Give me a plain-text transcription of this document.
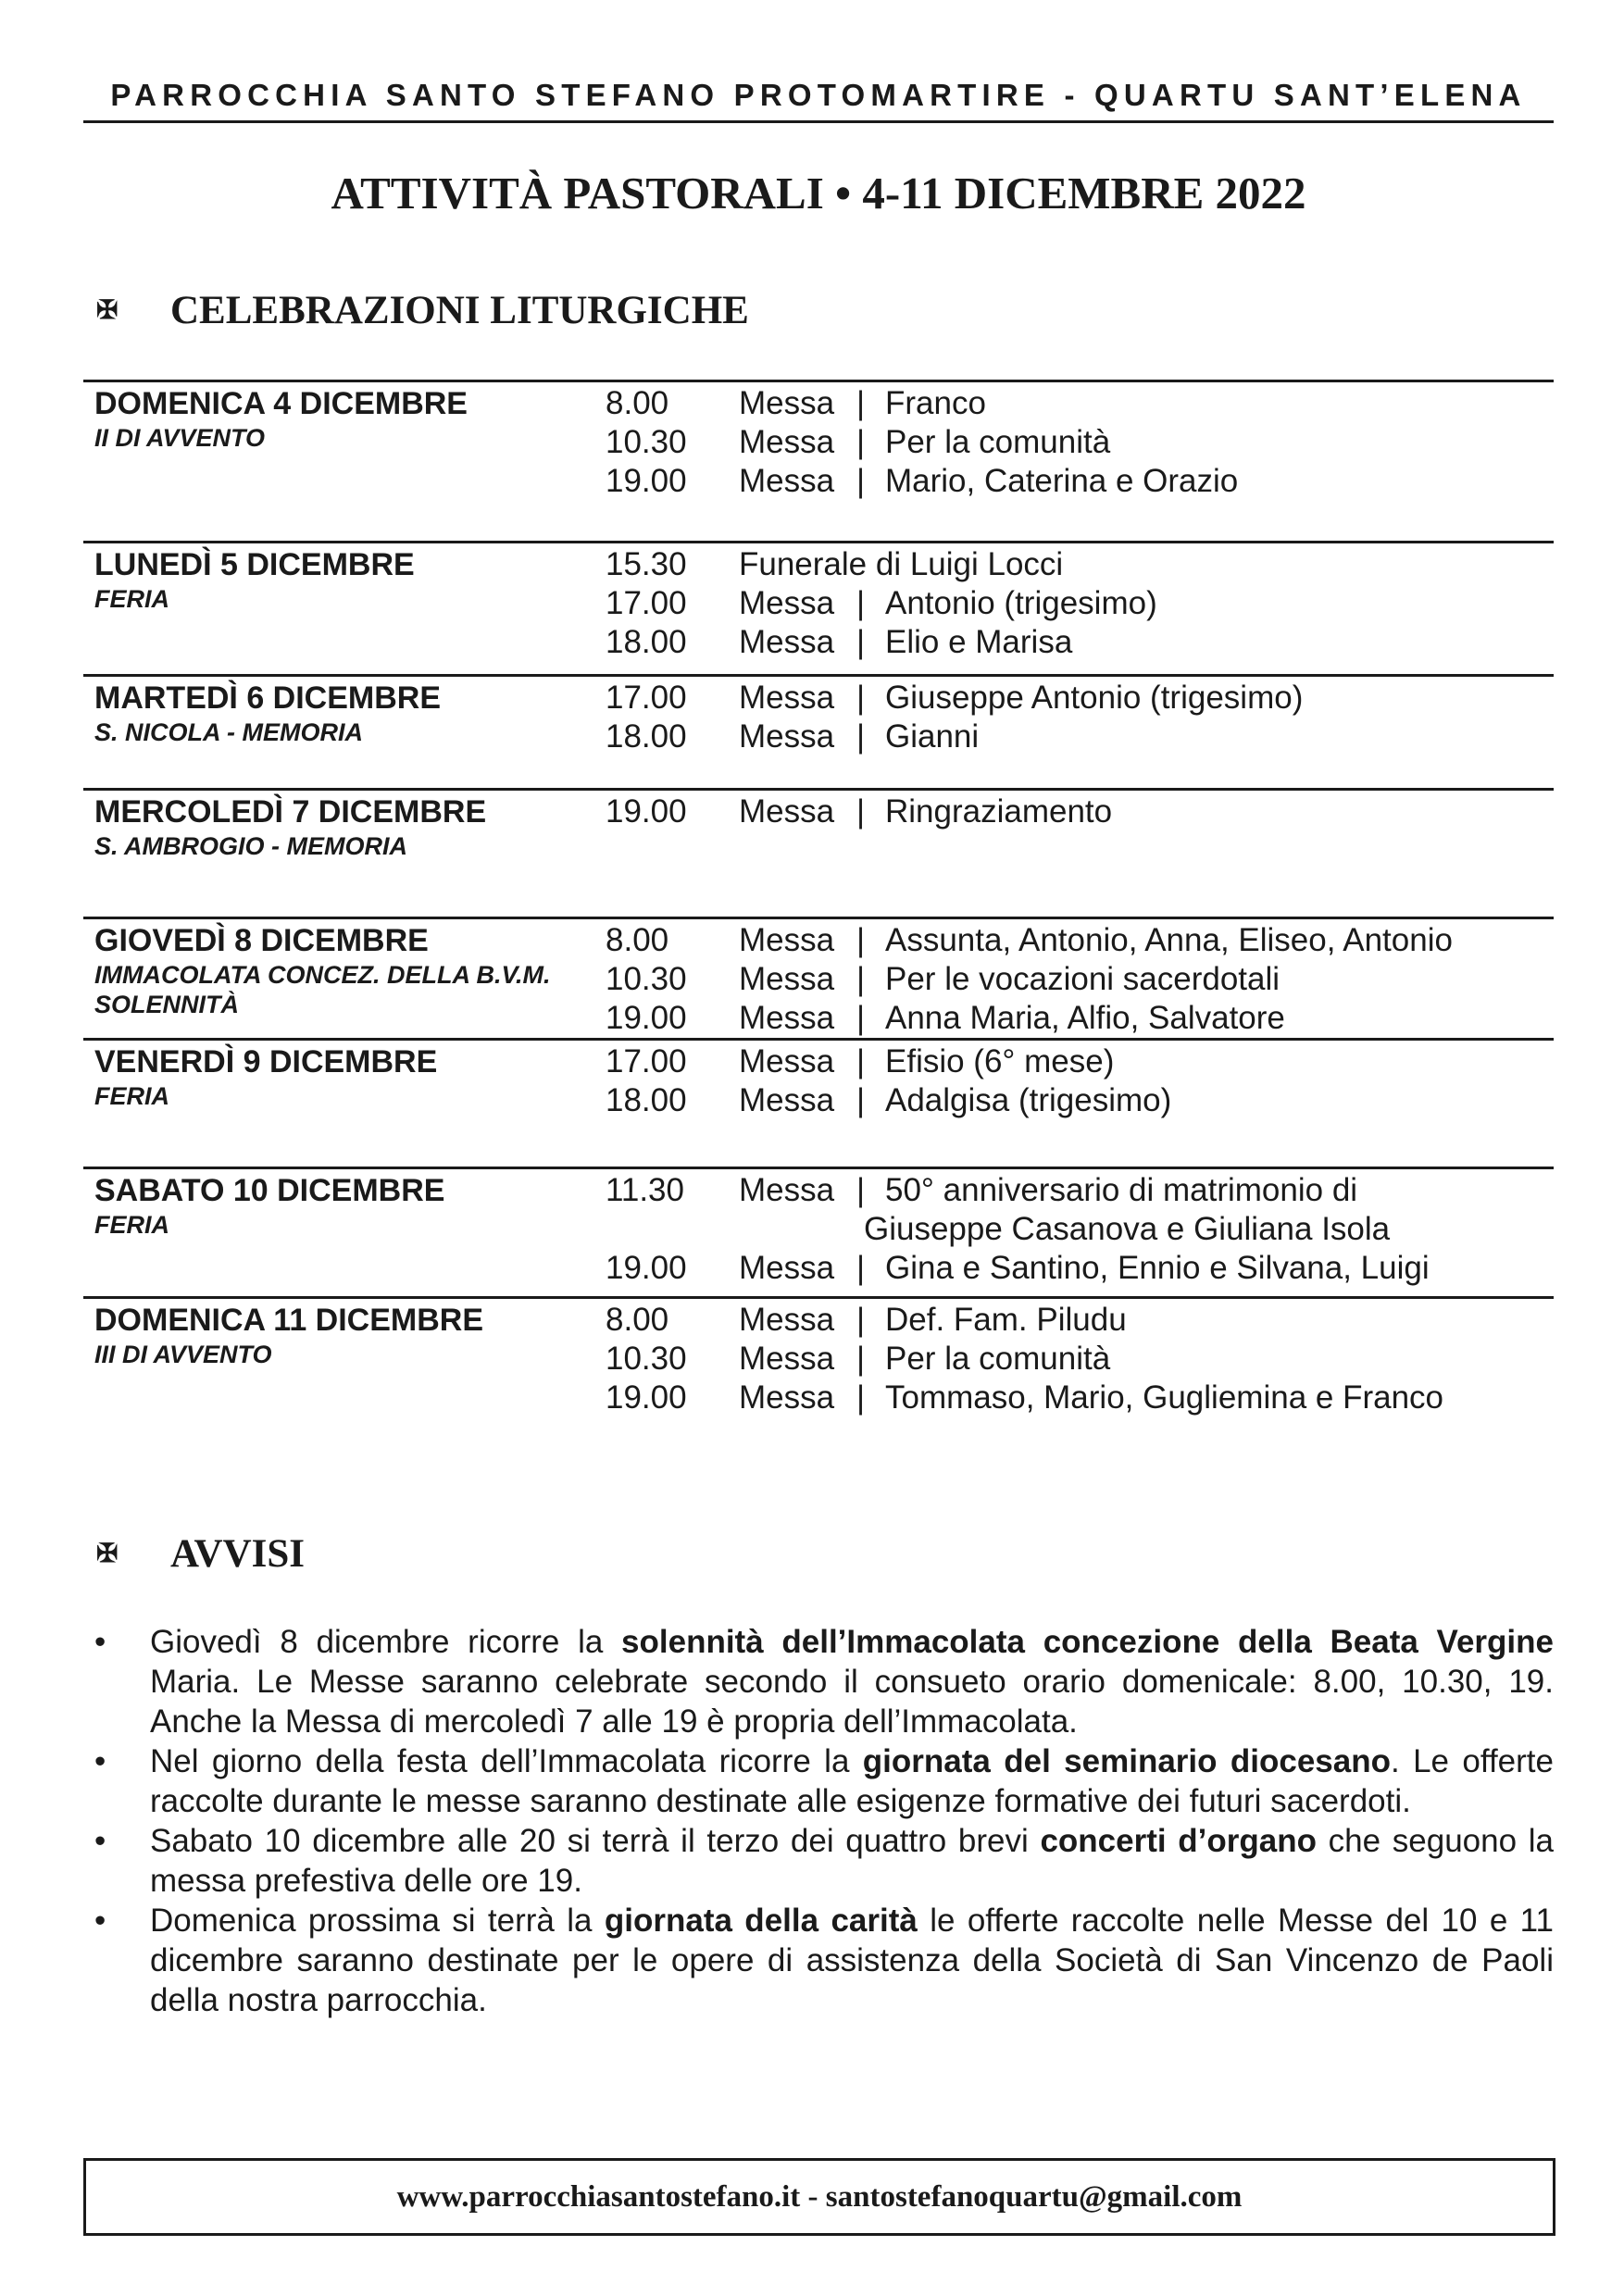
PARROCCHIA SANTO STEFANO PROTOMARTIRE - QUARTU SANT’ELENA
ATTIVITÀ PASTORALI • 4-11 DICEMBRE 2022
✠	CELEBRAZIONI LITURGICHE
DOMENICA 4 DICEMBRE
II DI AVVENTO
8.00	Messa | Franco
10.30	Messa | Per la comunità
19.00	Messa | Mario, Caterina e Orazio
LUNEDÌ 5 DICEMBRE
FERIA
15.30	Funerale di Luigi Locci
17.00	Messa | Antonio (trigesimo)
18.00	Messa | Elio e Marisa
MARTEDÌ 6 DICEMBRE
S. NICOLA - MEMORIA
17.00	Messa | Giuseppe Antonio (trigesimo)
18.00	Messa | Gianni
MERCOLEDÌ 7 DICEMBRE
S. AMBROGIO - MEMORIA
19.00	Messa | Ringraziamento
GIOVEDÌ 8 DICEMBRE
IMMACOLATA CONCEZ. DELLA B.V.M.
SOLENNITÀ
8.00	Messa | Assunta, Antonio, Anna, Eliseo, Antonio
10.30	Messa | Per le vocazioni sacerdotali
19.00	Messa | Anna Maria, Alfio, Salvatore
VENERDÌ 9 DICEMBRE
FERIA
17.00	Messa | Efisio (6° mese)
18.00	Messa | Adalgisa (trigesimo)
SABATO 10 DICEMBRE
FERIA
11.30	Messa | 50° anniversario di matrimonio di
Giuseppe Casanova e Giuliana Isola
19.00	Messa | Gina e Santino, Ennio e Silvana, Luigi
DOMENICA 11 DICEMBRE
III DI AVVENTO
8.00	Messa | Def. Fam. Piludu
10.30	Messa | Per la comunità
19.00	Messa | Tommaso, Mario, Gugliemina e Franco
✠	AVVISI
• Giovedì 8 dicembre ricorre la solennità dell’Immacolata concezione della Beata Vergine Maria. Le Messe saranno celebrate secondo il consueto orario domenicale: 8.00, 10.30, 19. Anche la Messa di mercoledì 7 alle 19 è propria dell’Immacolata.
• Nel giorno della festa dell’Immacolata ricorre la giornata del seminario diocesano. Le offerte raccolte durante le messe saranno destinate alle esigenze formative dei futuri sacerdoti.
• Sabato 10 dicembre alle 20 si terrà il terzo dei quattro brevi concerti d’organo che seguono la messa prefestiva delle ore 19.
• Domenica prossima si terrà la giornata della carità le offerte raccolte nelle Messe del 10 e 11 dicembre saranno destinate per le opere di assistenza della Società di San Vincenzo de Paoli della nostra parrocchia.
www.parrocchiasantostefano.it - santostefanoquartu@gmail.com
